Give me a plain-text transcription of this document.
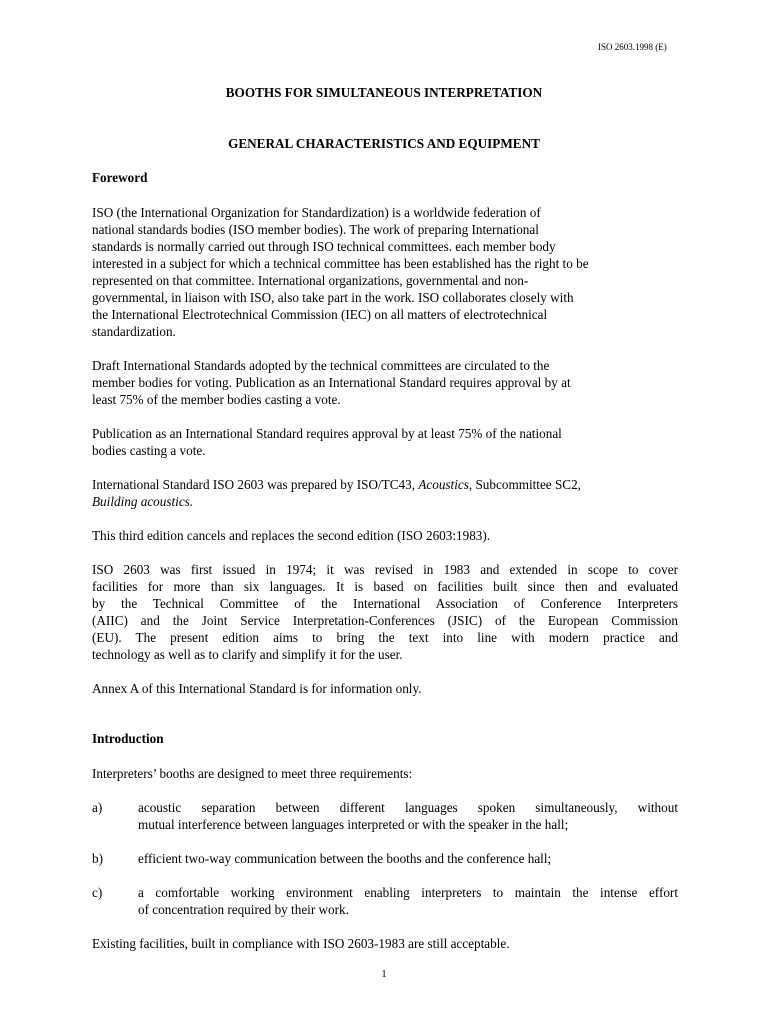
ISO 2603.1998 (E)
BOOTHS FOR SIMULTANEOUS INTERPRETATION
GENERAL CHARACTERISTICS AND EQUIPMENT
Foreword
ISO (the International Organization for Standardization) is a worldwide federation of
national standards bodies (ISO member bodies). The work of preparing International
standards is normally carried out through ISO technical committees. each member body
interested in a subject for which a technical committee has been established has the right to be
represented on that committee. International organizations, governmental and non-
governmental, in liaison with ISO, also take part in the work. ISO collaborates closely with
the International Electrotechnical Commission (IEC) on all matters of electrotechnical
standardization.
Draft International Standards adopted by the technical committees are circulated to the
member bodies for voting. Publication as an International Standard requires approval by at
least 75% of the member bodies casting a vote.
Publication as an International Standard requires approval by at least 75% of the national
bodies casting a vote.
International Standard ISO 2603 was prepared by ISO/TC43, Acoustics, Subcommittee SC2,
Building acoustics.
This third edition cancels and replaces the second edition (ISO 2603:1983).
ISO 2603 was first issued in 1974; it was revised in 1983 and extended in scope to cover
facilities for more than six languages. It is based on facilities built since then and evaluated
by the Technical Committee of the International Association of Conference Interpreters
(AIIC) and the Joint Service Interpretation-Conferences (JSIC) of the European Commission
(EU). The present edition aims to bring the text into line with modern practice and
technology as well as to clarify and simplify it for the user.
Annex A of this International Standard is for information only.
Introduction
Interpreters’ booths are designed to meet three requirements:
a)	acoustic separation between different languages spoken simultaneously, without
mutual interference between languages interpreted or with the speaker in the hall;
b)	efficient two-way communication between the booths and the conference hall;
c)	a comfortable working environment enabling interpreters to maintain the intense effort
of concentration required by their work.
Existing facilities, built in compliance with ISO 2603-1983 are still acceptable.
1
